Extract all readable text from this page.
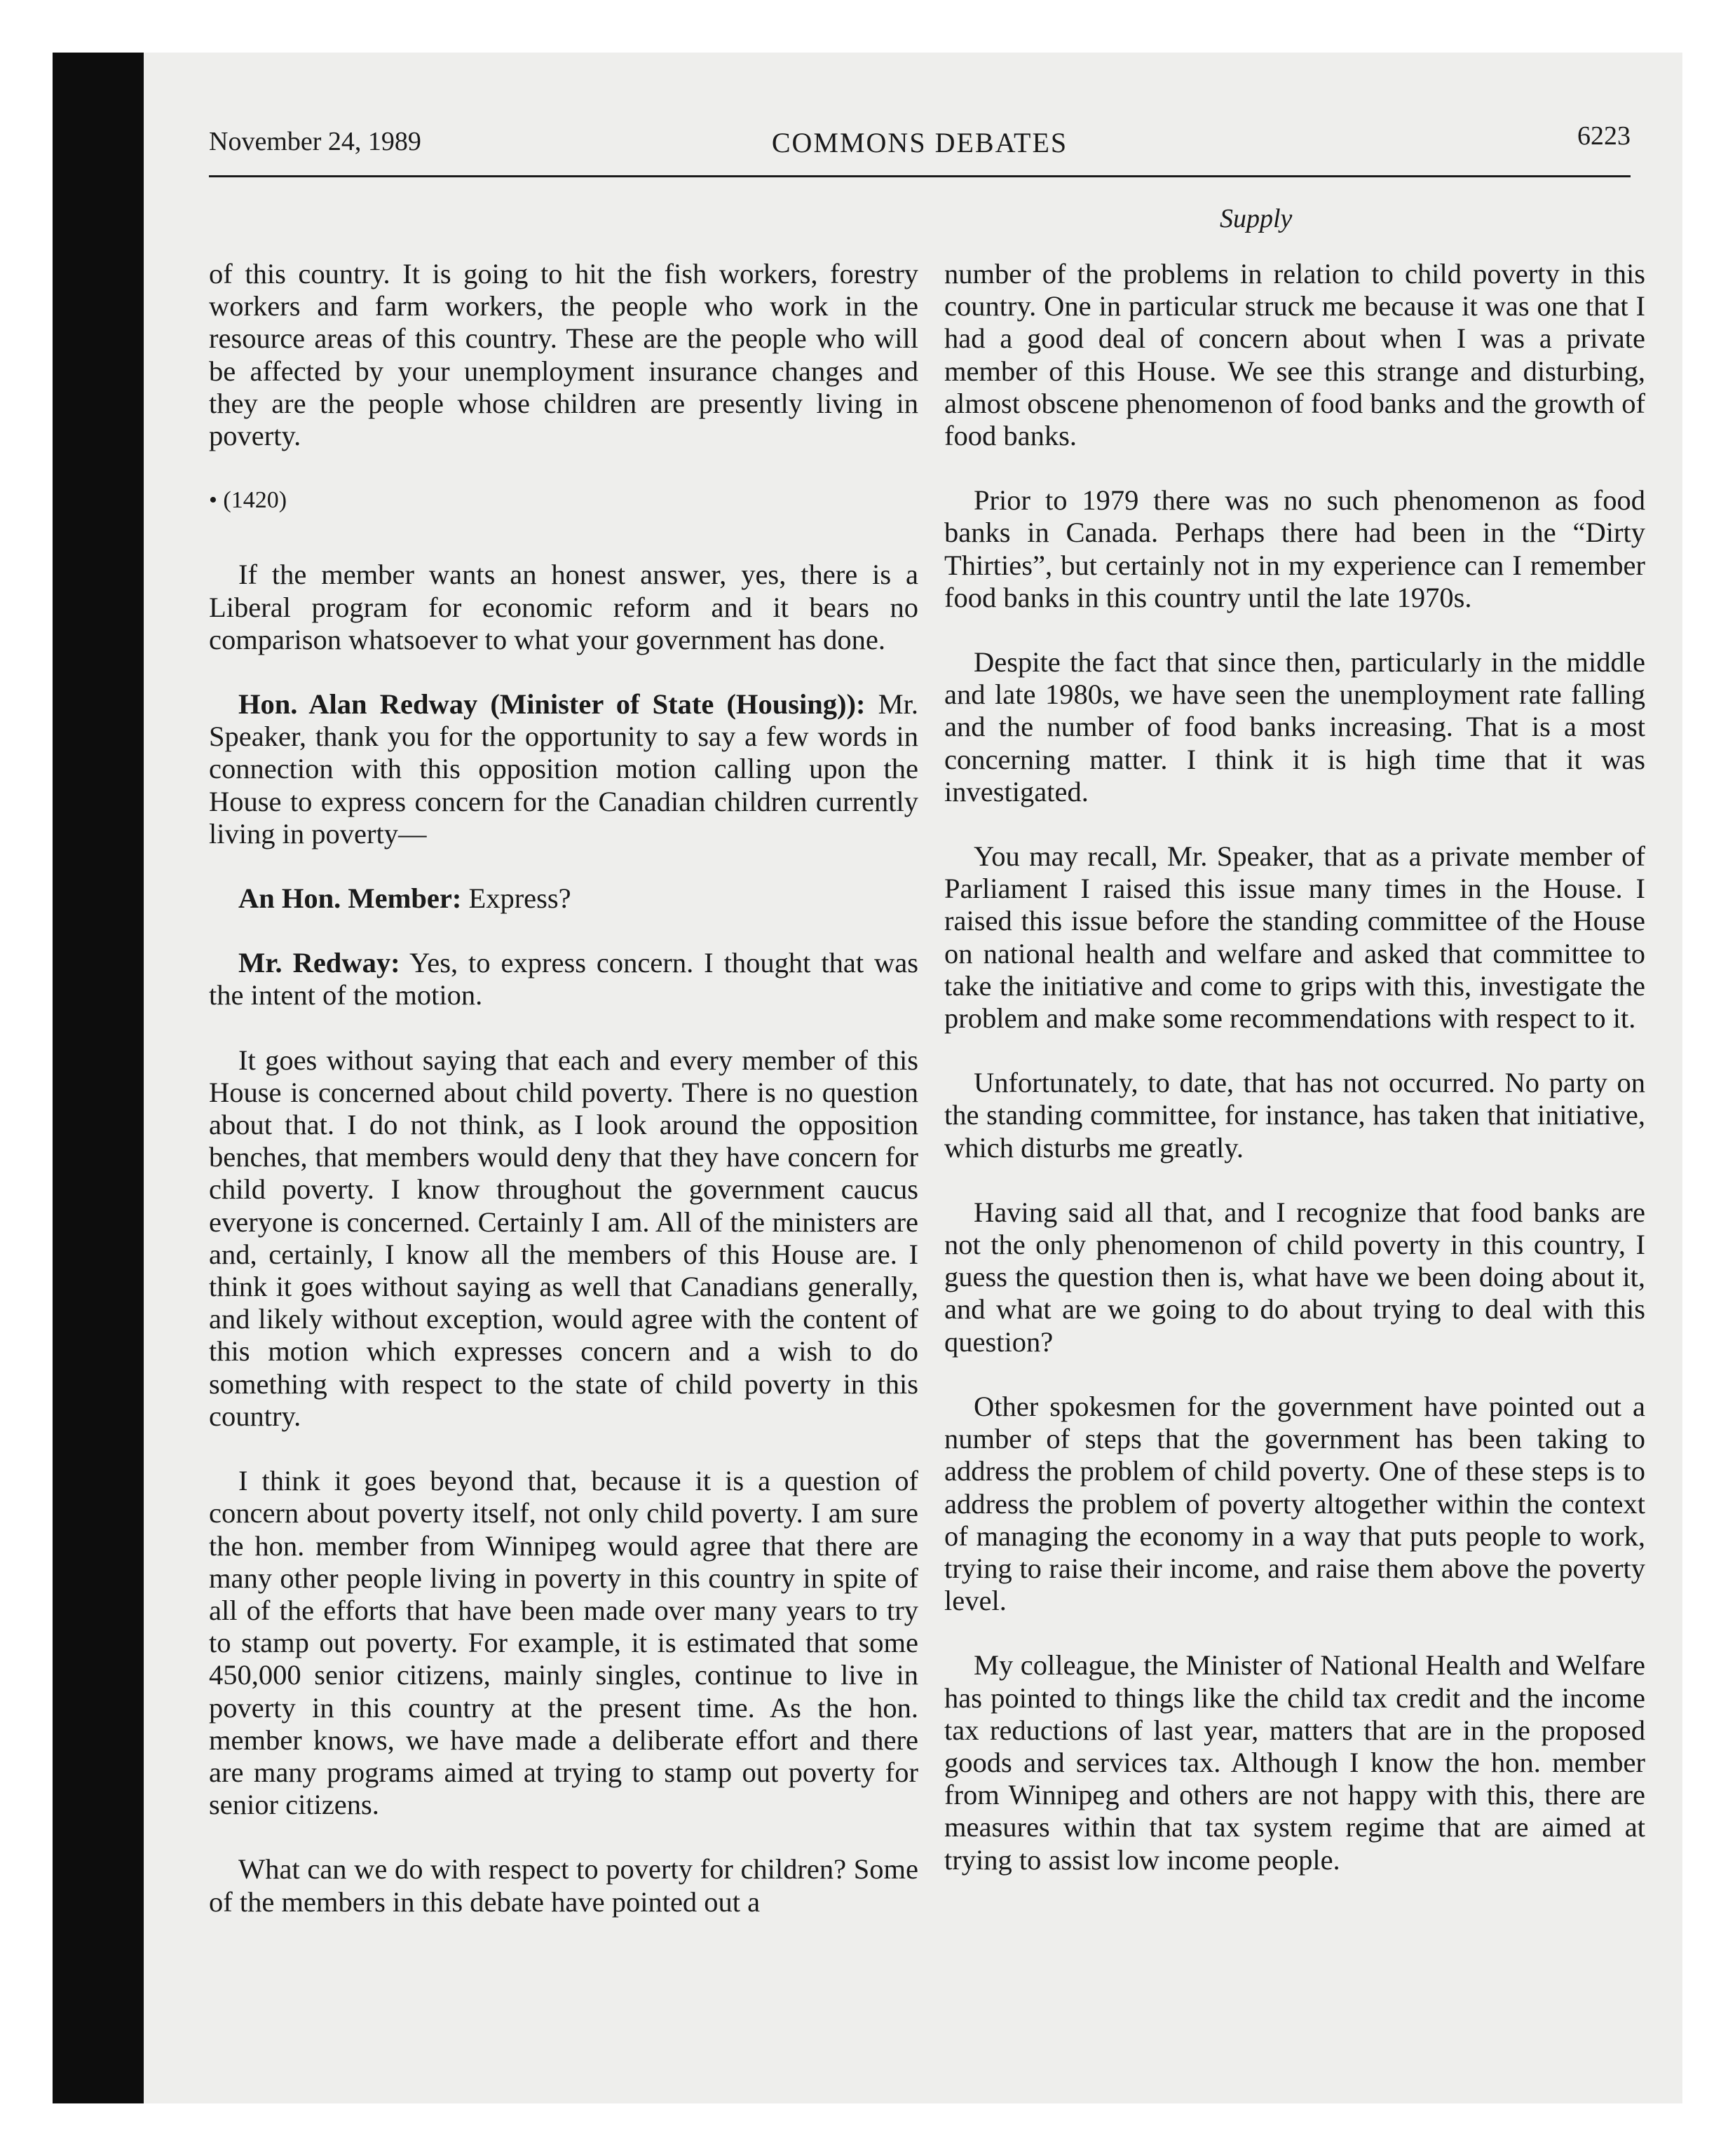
November 24, 1989	COMMONS DEBATES	6223
Supply

of this country. It is going to hit the fish workers, forestry workers and farm workers, the people who work in the resource areas of this country. These are the people who will be affected by your unemployment insurance changes and they are the people whose children are presently living in poverty.

• (1420)

If the member wants an honest answer, yes, there is a Liberal program for economic reform and it bears no comparison whatsoever to what your government has done.

Hon. Alan Redway (Minister of State (Housing)): Mr. Speaker, thank you for the opportunity to say a few words in connection with this opposition motion calling upon the House to express concern for the Canadian children currently living in poverty—

An Hon. Member: Express?

Mr. Redway: Yes, to express concern. I thought that was the intent of the motion.

It goes without saying that each and every member of this House is concerned about child poverty. There is no question about that. I do not think, as I look around the opposition benches, that members would deny that they have concern for child poverty. I know throughout the government caucus everyone is concerned. Certainly I am. All of the ministers are and, certainly, I know all the members of this House are. I think it goes without saying as well that Canadians generally, and likely without exception, would agree with the content of this motion which expresses concern and a wish to do something with respect to the state of child poverty in this country.

I think it goes beyond that, because it is a question of concern about poverty itself, not only child poverty. I am sure the hon. member from Winnipeg would agree that there are many other people living in poverty in this country in spite of all of the efforts that have been made over many years to try to stamp out poverty. For example, it is estimated that some 450,000 senior citizens, mainly singles, continue to live in poverty in this country at the present time. As the hon. member knows, we have made a deliberate effort and there are many programs aimed at trying to stamp out poverty for senior citizens.

What can we do with respect to poverty for children? Some of the members in this debate have pointed out a

number of the problems in relation to child poverty in this country. One in particular struck me because it was one that I had a good deal of concern about when I was a private member of this House. We see this strange and disturbing, almost obscene phenomenon of food banks and the growth of food banks.

Prior to 1979 there was no such phenomenon as food banks in Canada. Perhaps there had been in the “Dirty Thirties”, but certainly not in my experience can I remember food banks in this country until the late 1970s.

Despite the fact that since then, particularly in the middle and late 1980s, we have seen the unemployment rate falling and the number of food banks increasing. That is a most concerning matter. I think it is high time that it was investigated.

You may recall, Mr. Speaker, that as a private member of Parliament I raised this issue many times in the House. I raised this issue before the standing committee of the House on national health and welfare and asked that committee to take the initiative and come to grips with this, investigate the problem and make some recommendations with respect to it.

Unfortunately, to date, that has not occurred. No party on the standing committee, for instance, has taken that initiative, which disturbs me greatly.

Having said all that, and I recognize that food banks are not the only phenomenon of child poverty in this country, I guess the question then is, what have we been doing about it, and what are we going to do about trying to deal with this question?

Other spokesmen for the government have pointed out a number of steps that the government has been taking to address the problem of child poverty. One of these steps is to address the problem of poverty altogether within the context of managing the economy in a way that puts people to work, trying to raise their income, and raise them above the poverty level.

My colleague, the Minister of National Health and Welfare has pointed to things like the child tax credit and the income tax reductions of last year, matters that are in the proposed goods and services tax. Although I know the hon. member from Winnipeg and others are not happy with this, there are measures within that tax system regime that are aimed at trying to assist low income people.
